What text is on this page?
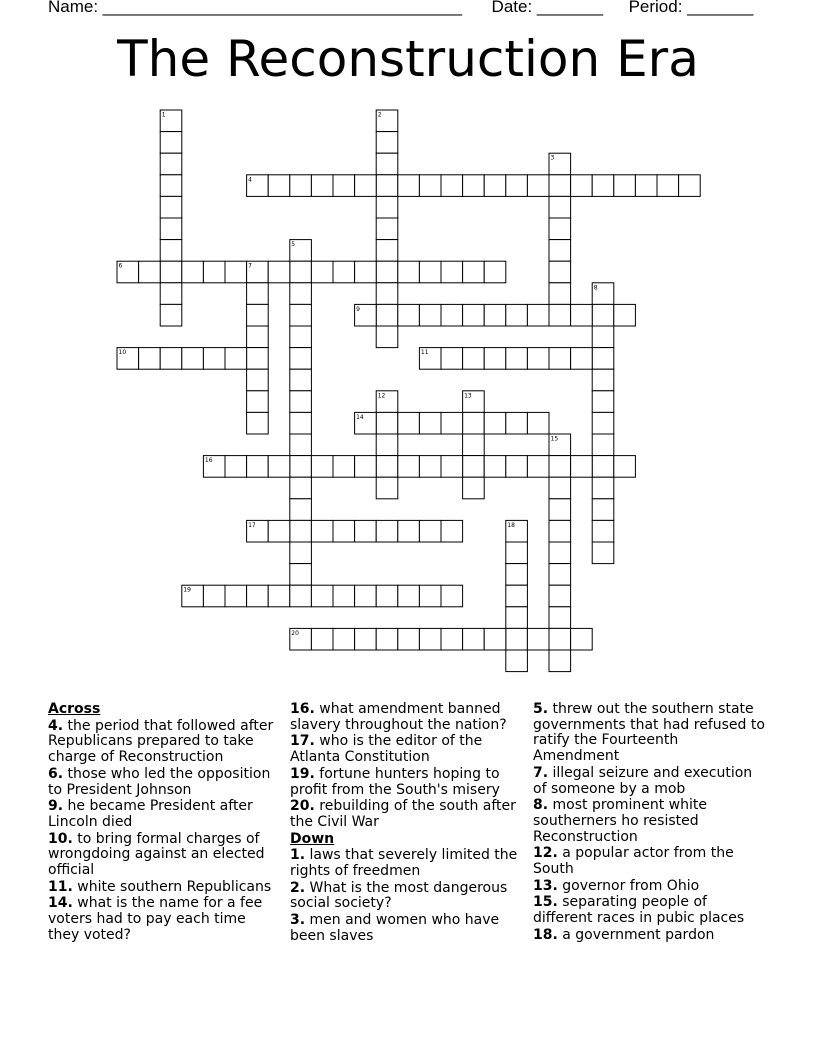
Name: ______________________________________ Date: _______ Period: _______
The Reconstruction Era
1	2
3
4
5
6	7
8
9
10	11
12	13
14
15
16
17	18
19
20
Across
4. the period that followed after Republicans prepared to take charge of Reconstruction
6. those who led the opposition to President Johnson
9. he became President after Lincoln died
10. to bring formal charges of wrongdoing against an elected official
11. white southern Republicans
14. what is the name for a fee voters had to pay each time they voted?
16. what amendment banned slavery throughout the nation?
17. who is the editor of the Atlanta Constitution
19. fortune hunters hoping to profit from the South's misery
20. rebuilding of the south after the Civil War
Down
1. laws that severely limited the rights of freedmen
2. What is the most dangerous social society?
3. men and women who have been slaves
5. threw out the southern state governments that had refused to ratify the Fourteenth Amendment
7. illegal seizure and execution of someone by a mob
8. most prominent white southerners ho resisted Reconstruction
12. a popular actor from the South
13. governor from Ohio
15. separating people of different races in pubic places
18. a government pardon
